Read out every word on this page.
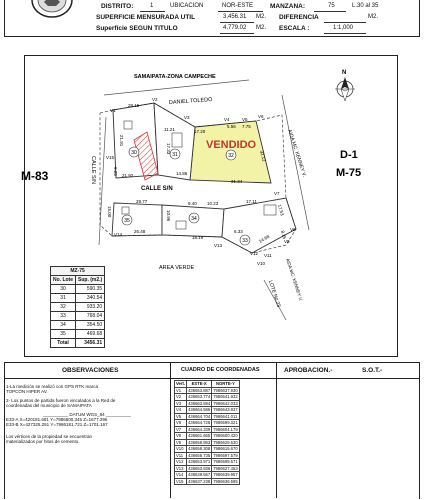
DISTRITO:	1	UBICACION	NOR-ESTE	MANZANA:	75	L.30 al 35
SUPERFICIE MENSURADA UTIL	3,456.31 M2. DIFERENCIA	M2.
Superficie SEGUN TITULO	4,779.02 M2. ESCALA :	1:1,000
30	31	32
33
34
35
VENDIDO
SAMAIPATA-ZONA CAMPECHE
DANIEL TOLEDO
CALLE S/N
CALLE S/N	AIDA MC. KENNEY V.
AIDA MC. KENNEY V.
AREA VERDE
LOTE No.23
M-83
D-1
M-75
N
V1
V2
V3	V4	V5
V6
V7
V8
V9
V10
V11
V12
V13
V14
V15
28.15
11.21	17.20
5.56 7.75
21.91
17.33
14.86
21.92
9.25
31.34
32.12
29.77	9.40 10.23
15.00	10.96
17.11
17.53
26.48
18.19
6.33
14.68 8.25
MZ-75	
No. Lote	Sup. (m2.)
30	590.35
31	340.54
32	933.20
33	768.04
34	354.50
35	469.68
Total	3456.31
OBSERVACIONES	CUADRO DE COORDENADAS	APROBACION.-	S.O.T.-
1-La medición se realizó con GPS RTK marca
TOPCON HIPER AV.
2- Los puntos de partida fueron vinculados a la Red de
coordenadas del municipio de SAMAIPATA
__________ DATUM WGS_84 __________
E33-A X=420181.681 Y=7986600.345 Z=1677.296
E33-B X=427325.251 Y=7986181.721 Z=1701.167
Los vértices de la propiedad se encuentran
materializados por hitos de cemento.
Vert.	ESTE-X	NORTE-Y
V1	436653.887	7986637.930
V2	436653.774	7986641.932
V3	436663.894	7986642.033
V4	436664.586	7986643.937
V5	436664.704	7986641.011
V6	436664.726	7986599.321
V7	436664.339	7986604.179
V8	436661.665	7986600.420
V9	436658.983	7986629.530
V10	436658.308	7986615.670
V11	436656.735	7986597.579
V12	436653.971	7986599.571
V13	436653.936	7986627.453
V14	436639.567	7986639.957
V15	436637.238	7986636.595
